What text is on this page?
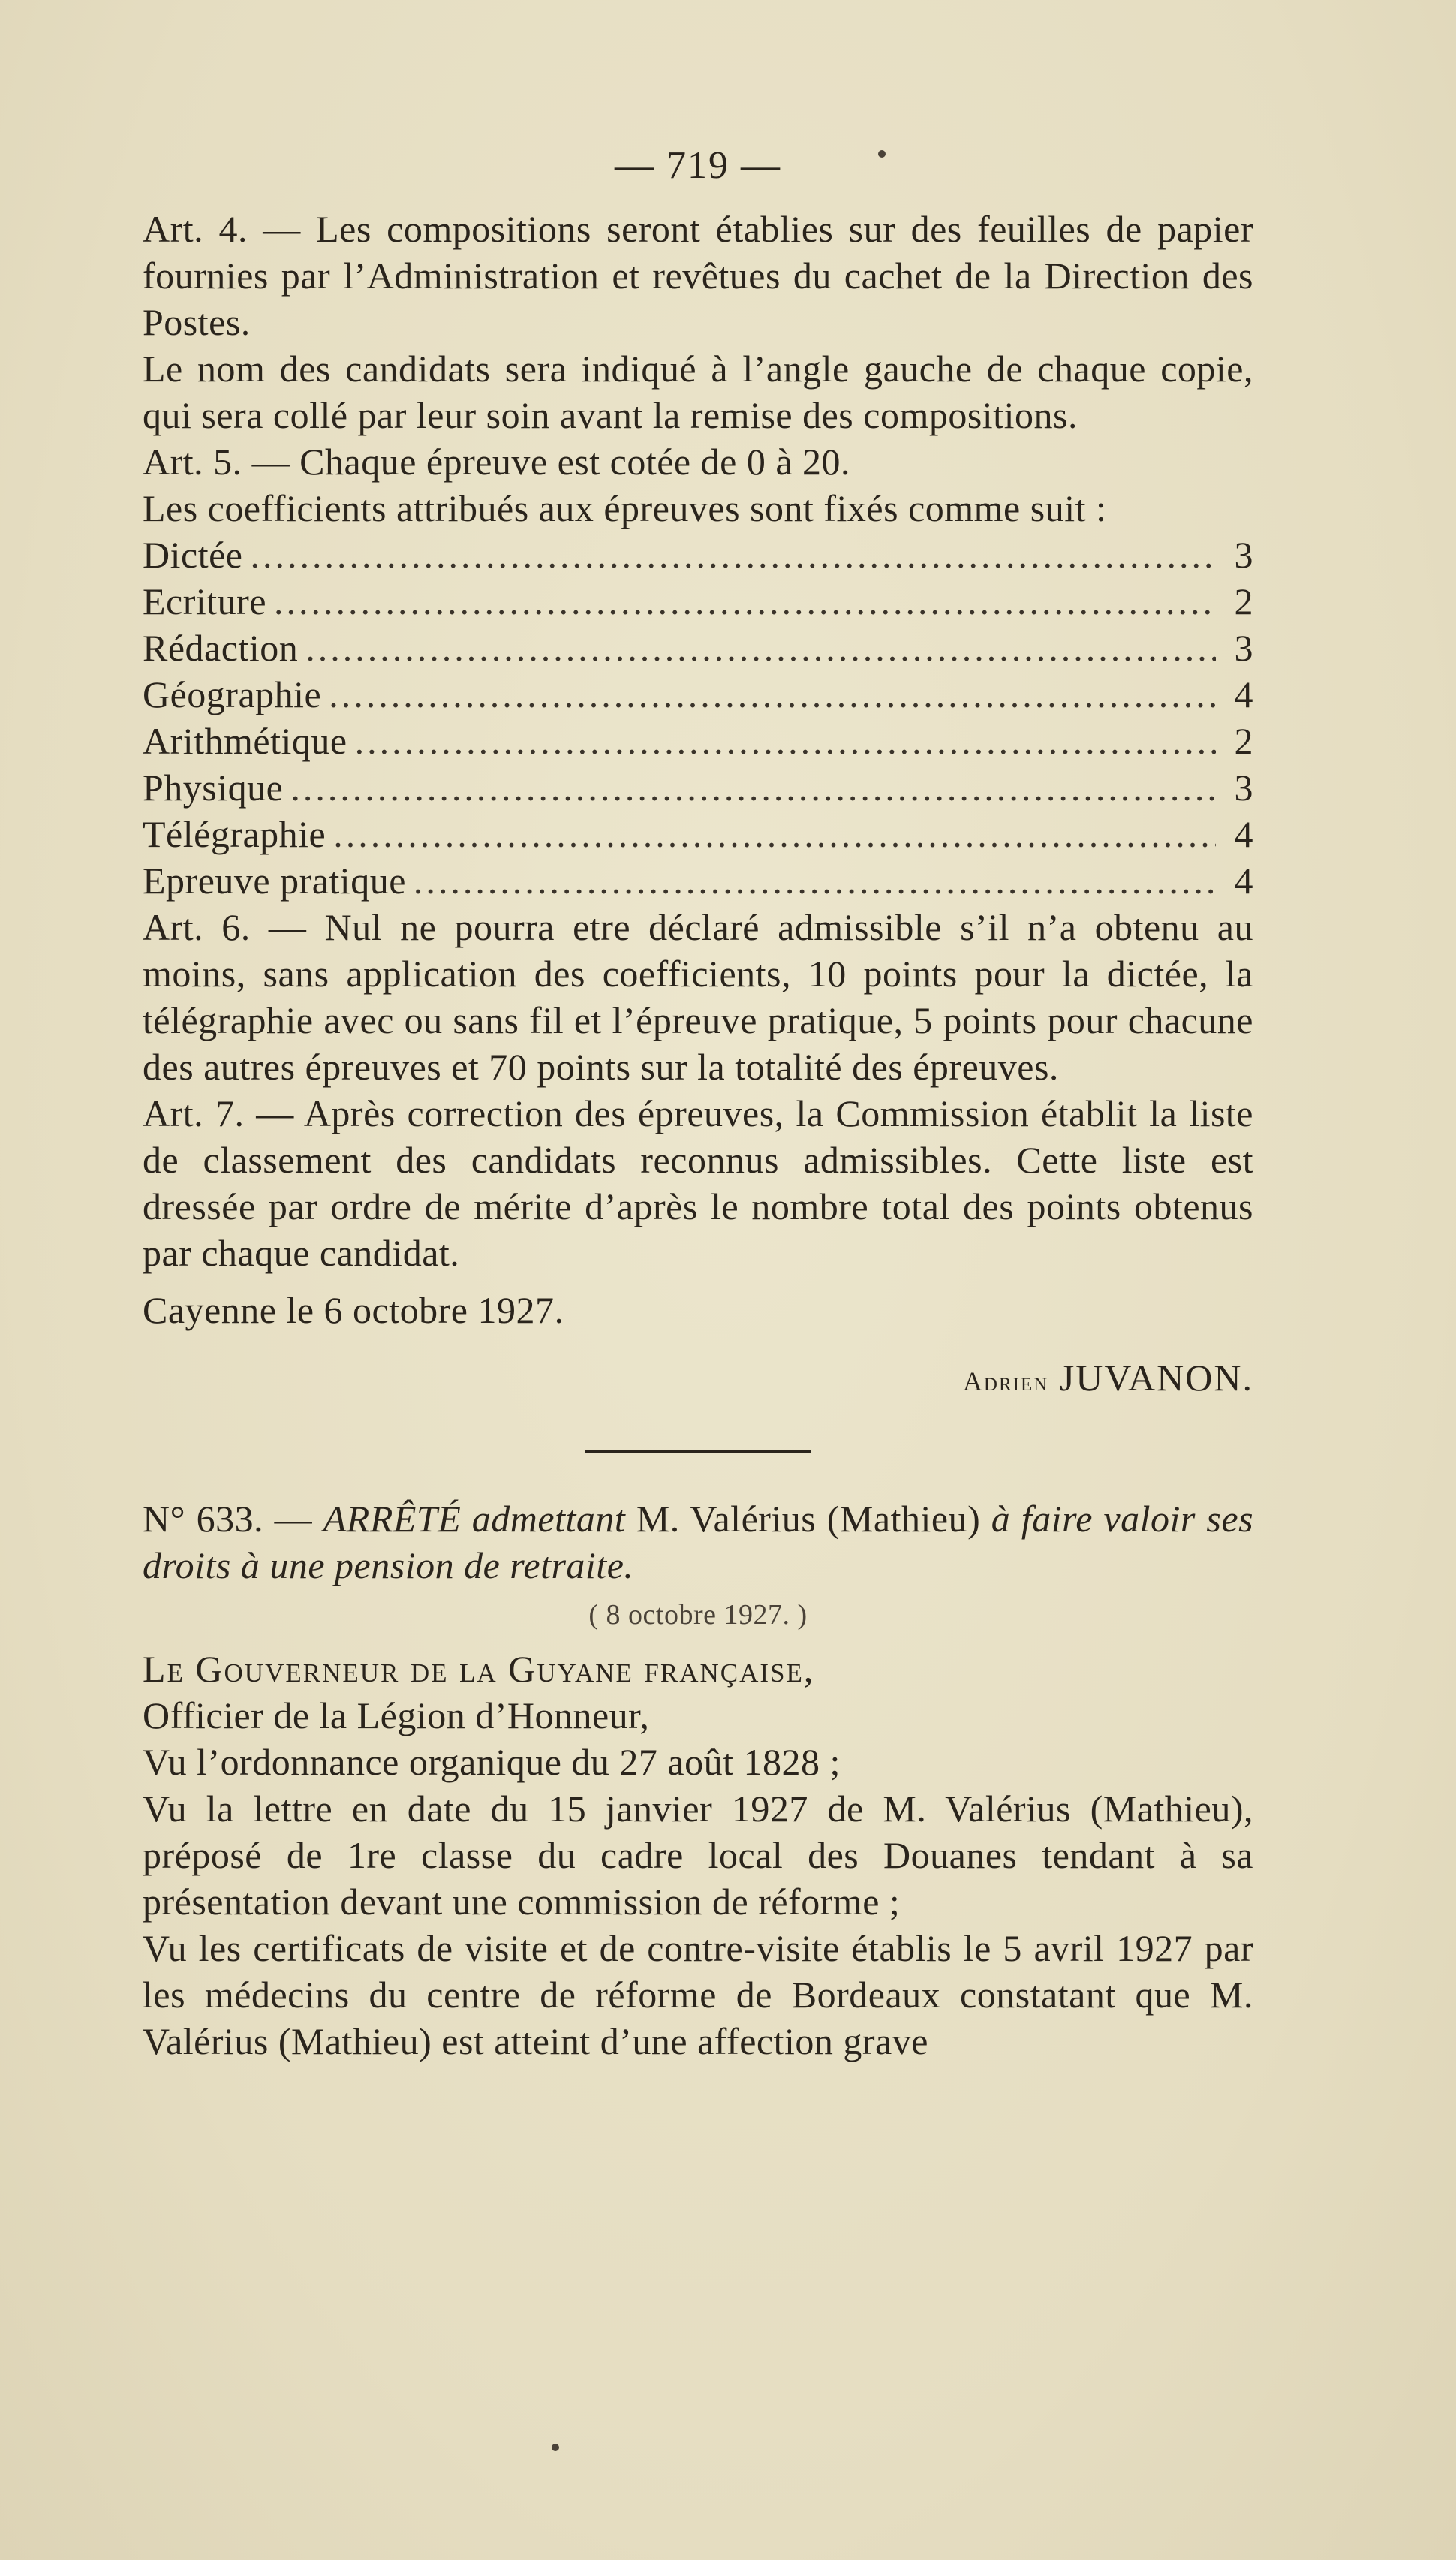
— 719 —

Art. 4. — Les compositions seront établies sur des feuilles de papier fournies par l’Administration et revêtues du cachet de la Direction des Postes.

Le nom des candidats sera indiqué à l’angle gauche de chaque copie, qui sera collé par leur soin avant la remise des compositions.

Art. 5. — Chaque épreuve est cotée de 0 à 20.

Les coefficients attribués aux épreuves sont fixés comme suit :

Dictée .....	3
Ecriture .....	2
Rédaction .....	3
Géographie .....	4
Arithmétique .....	2
Physique .....	3
Télégraphie .....	4
Epreuve pratique .....	4

Art. 6. — Nul ne pourra etre déclaré admissible s’il n’a obtenu au moins, sans application des coefficients, 10 points pour la dictée, la télégraphie avec ou sans fil et l’épreuve pratique, 5 points pour chacune des autres épreuves et 70 points sur la totalité des épreuves.

Art. 7. — Après correction des épreuves, la Commission établit la liste de classement des candidats reconnus admissibles. Cette liste est dressée par ordre de mérite d’après le nombre total des points obtenus par chaque candidat.

Cayenne le 6 octobre 1927.

Adrien JUVANON.

N° 633. — ARRÊTÉ admettant M. Valérius (Mathieu) à faire valoir ses droits à une pension de retraite.

( 8 octobre 1927. )

Le Gouverneur de la Guyane française,

Officier de la Légion d’Honneur,

Vu l’ordonnance organique du 27 août 1828 ;

Vu la lettre en date du 15 janvier 1927 de M. Valérius (Mathieu), préposé de 1re classe du cadre local des Douanes tendant à sa présentation devant une commission de réforme ;

Vu les certificats de visite et de contre-visite établis le 5 avril 1927 par les médecins du centre de réforme de Bordeaux constatant que M. Valérius (Mathieu) est atteint d’une affection grave
